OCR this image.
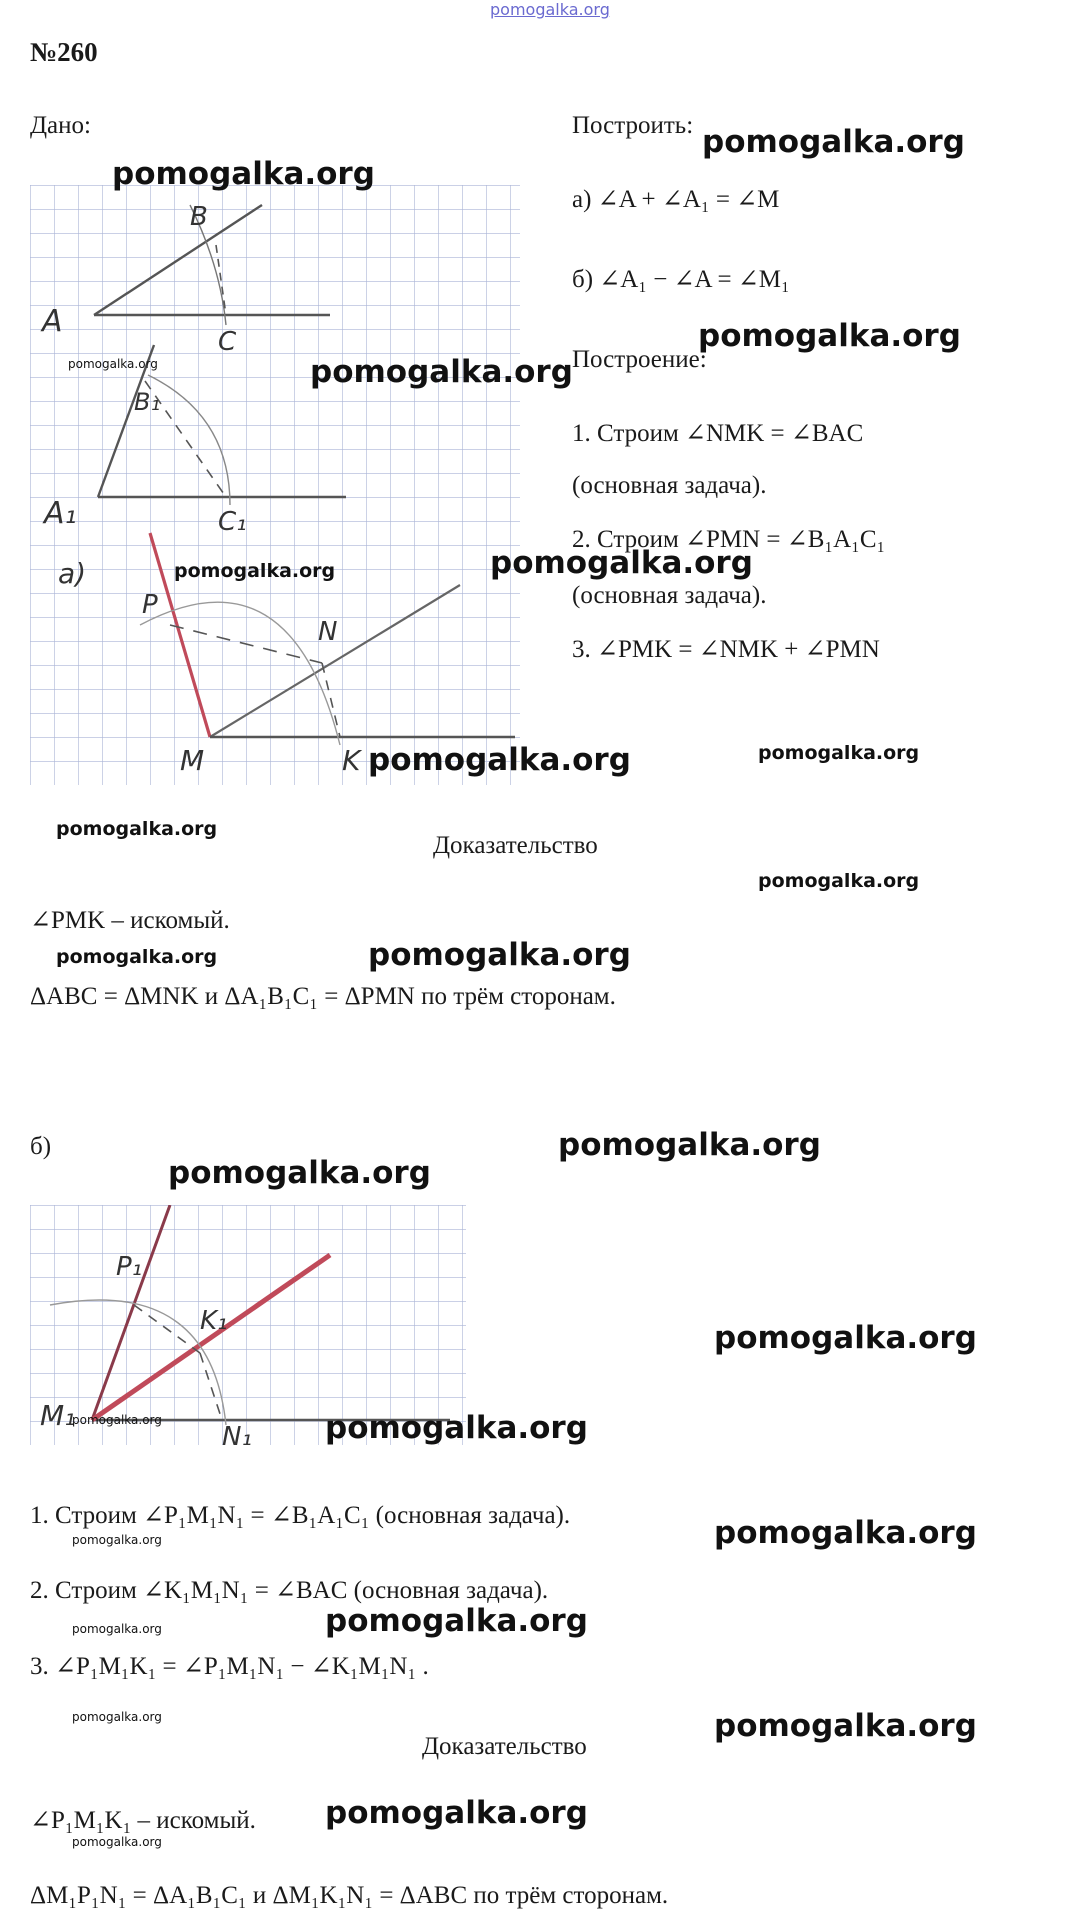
pomogalka.org
№260
Дано:	Построить:
а) ∠A + ∠A₁ = ∠M
б) ∠A₁ − ∠A = ∠M₁
Построение:
1. Строим ∠NMK = ∠BAC
(основная задача).
2. Строим ∠PMN = ∠B₁A₁C₁
(основная задача).
3. ∠PMK = ∠NMK + ∠PMN
A
B
C
B₁
A₁	C₁
а)
P
N
M	K
Доказательство
∠PMK – искомый.
ΔABC = ΔMNK и ΔA₁B₁C₁ = ΔPMN по трём сторонам.
б)
P₁
K₁
M₁
N₁
1. Строим ∠P₁M₁N₁ = ∠B₁A₁C₁ (основная задача).
2. Строим ∠K₁M₁N₁ = ∠BAC (основная задача).
3. ∠P₁M₁K₁ = ∠P₁M₁N₁ − ∠K₁M₁N₁ .
Доказательство
∠P₁M₁K₁ – искомый.
ΔM₁P₁N₁ = ΔA₁B₁C₁ и ΔM₁K₁N₁ = ΔABC по трём сторонам.
pomogalka.org
pomogalka.org
pomogalka.org
pomogalka.org
pomogalka.org
pomogalka.org
pomogalka.org
pomogalka.org
pomogalka.org
pomogalka.org
pomogalka.org
pomogalka.org
pomogalka.org
pomogalka.org
pomogalka.org
pomogalka.org
pomogalka.org
pomogalka.org
pomogalka.org
pomogalka.org
pomogalka.org
pomogalka.org
pomogalka.org
pomogalka.org
pomogalka.org
pomogalka.org
